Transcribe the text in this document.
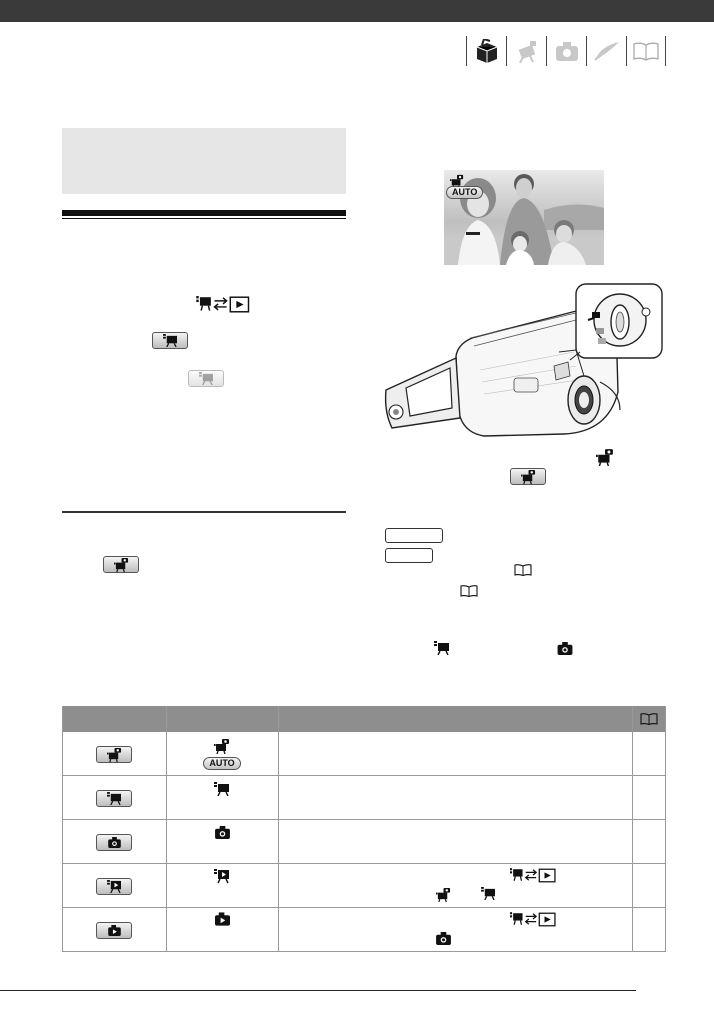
AUTO
AUTO
